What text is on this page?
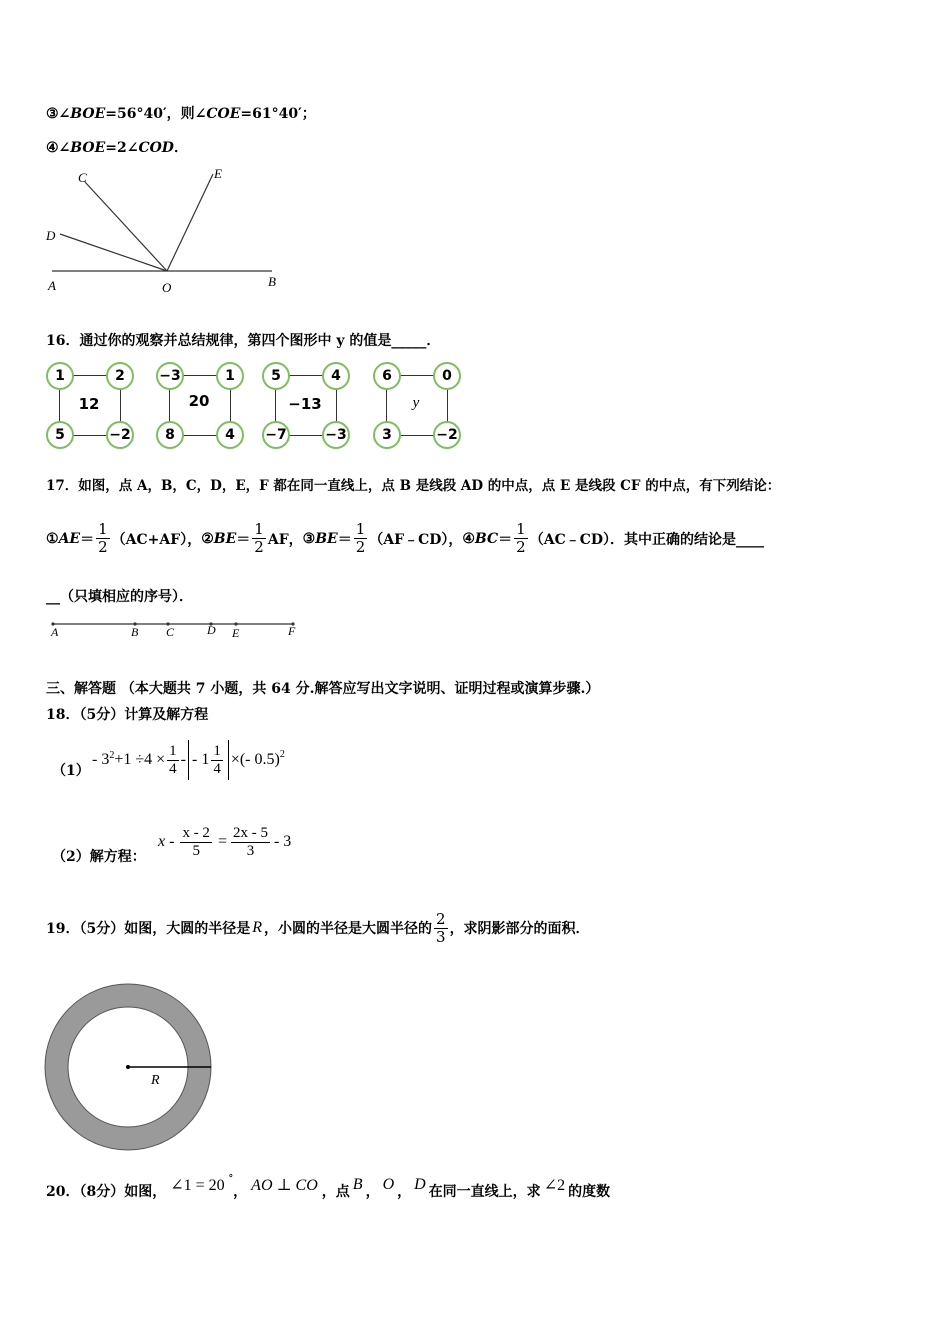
③∠BOE=56°40′，则∠COE=61°40′；
④∠BOE=2∠COD．
C	E
D
A	O	B
16．通过你的观察并总结规律，第四个图形中 y 的值是_____．
1	2
5	−2
12
−3	1
8	4
20
5	4
−7	−3
−13
6	0
3	−2
y
17．如图，点 A，B，C，D，E，F 都在同一直线上，点 B 是线段 AD 的中点，点 E 是线段 CF 的中点，有下列结论：
① AE ＝ $\frac{1}{2} (AC+AF)$， ② BE ＝ $\frac{1}{2}$ AF， ③ BE ＝ $\frac{1}{2}$ （AF﹣CD）， ④ BC ＝ $\frac{1}{2}$ （AC﹣CD）．其中正确的结论是____
__（只填相应的序号）．
A	B C	D E	F
三、解答题 （本大题共 7 小题，共 64 分.解答应写出文字说明、证明过程或演算步骤.）
18．（5分）计算及解方程
（1）
- $3^2 +1 \div 4 \times \frac{1}{4}$ - - $1 \frac{1}{4}$ ×(- 0.5)$^2$
（2）解方程：
$x - \frac{x - 2}{5} = \frac{2x - 5}{3} - 3$
19．（5分）如图，大圆的半径是 R ，小圆的半径是大圆半径的 $\frac{2}{3}$ ，求阴影部分的面积．
R
20．（8分）如图， ∠1 = 20 °
， AO ⊥ CO ，点 B ， O ， D 在同一直线上，求 ∠2 的度数
